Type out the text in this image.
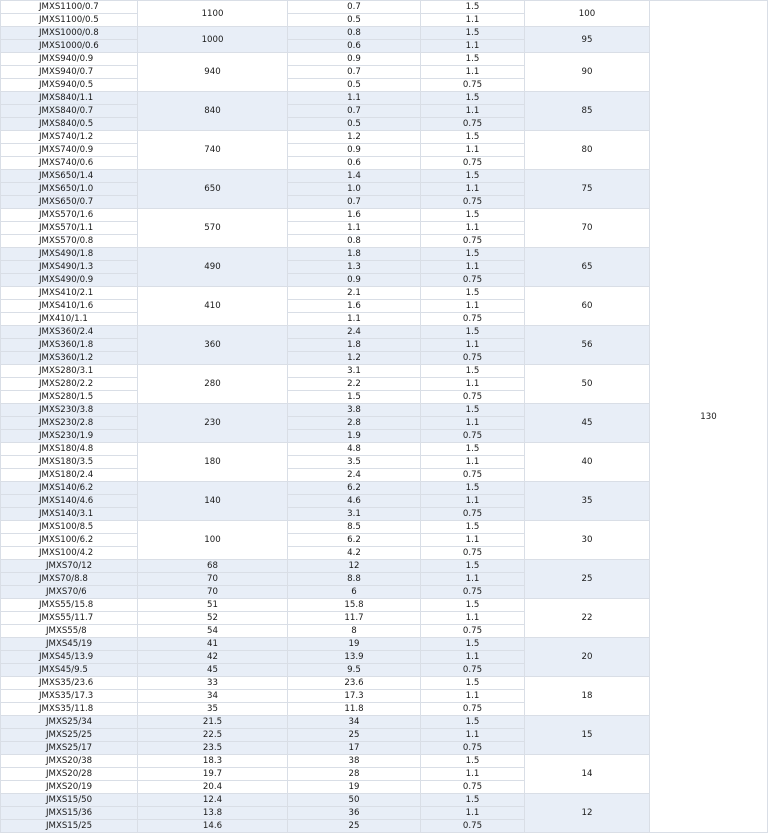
JMXS1100/0.7	1100	0.7	1.5	100	130
JMXS1100/0.5		0.5	1.1		
JMXS1000/0.8	1000	0.8	1.5	95	
JMXS1000/0.6		0.6	1.1		
JMXS940/0.9	940	0.9	1.5	90	
JMXS940/0.7		0.7	1.1		
JMXS940/0.5		0.5	0.75		
JMXS840/1.1	840	1.1	1.5	85	
JMXS840/0.7		0.7	1.1		
JMXS840/0.5		0.5	0.75		
JMXS740/1.2	740	1.2	1.5	80	
JMXS740/0.9		0.9	1.1		
JMXS740/0.6		0.6	0.75		
JMXS650/1.4	650	1.4	1.5	75	
JMXS650/1.0		1.0	1.1		
JMXS650/0.7		0.7	0.75		
JMXS570/1.6	570	1.6	1.5	70	
JMXS570/1.1		1.1	1.1		
JMXS570/0.8		0.8	0.75		
JMXS490/1.8	490	1.8	1.5	65	
JMXS490/1.3		1.3	1.1		
JMXS490/0.9		0.9	0.75		
JMXS410/2.1	410	2.1	1.5	60	
JMXS410/1.6		1.6	1.1		
JMX410/1.1		1.1	0.75		
JMXS360/2.4	360	2.4	1.5	56	
JMXS360/1.8		1.8	1.1		
JMXS360/1.2		1.2	0.75		
JMXS280/3.1	280	3.1	1.5	50	
JMXS280/2.2		2.2	1.1		
JMXS280/1.5		1.5	0.75		
JMXS230/3.8	230	3.8	1.5	45	
JMXS230/2.8		2.8	1.1		
JMXS230/1.9		1.9	0.75		
JMXS180/4.8	180	4.8	1.5	40	
JMXS180/3.5		3.5	1.1		
JMXS180/2.4		2.4	0.75		
JMXS140/6.2	140	6.2	1.5	35	
JMXS140/4.6		4.6	1.1		
JMXS140/3.1		3.1	0.75		
JMXS100/8.5	100	8.5	1.5	30	
JMXS100/6.2		6.2	1.1		
JMXS100/4.2		4.2	0.75		
JMXS70/12	68	12	1.5	25	
JMXS70/8.8	70	8.8	1.1		
JMXS70/6	70	6	0.75		
JMXS55/15.8	51	15.8	1.5	22	
JMXS55/11.7	52	11.7	1.1		
JMXS55/8	54	8	0.75		
JMXS45/19	41	19	1.5	20	
JMXS45/13.9	42	13.9	1.1		
JMXS45/9.5	45	9.5	0.75		
JMXS35/23.6	33	23.6	1.5	18	
JMXS35/17.3	34	17.3	1.1		
JMXS35/11.8	35	11.8	0.75		
JMXS25/34	21.5	34	1.5	15	
JMXS25/25	22.5	25	1.1		
JMXS25/17	23.5	17	0.75		
JMXS20/38	18.3	38	1.5	14	
JMXS20/28	19.7	28	1.1		
JMXS20/19	20.4	19	0.75		
JMXS15/50	12.4	50	1.5	12	
JMXS15/36	13.8	36	1.1		
JMXS15/25	14.6	25	0.75		
